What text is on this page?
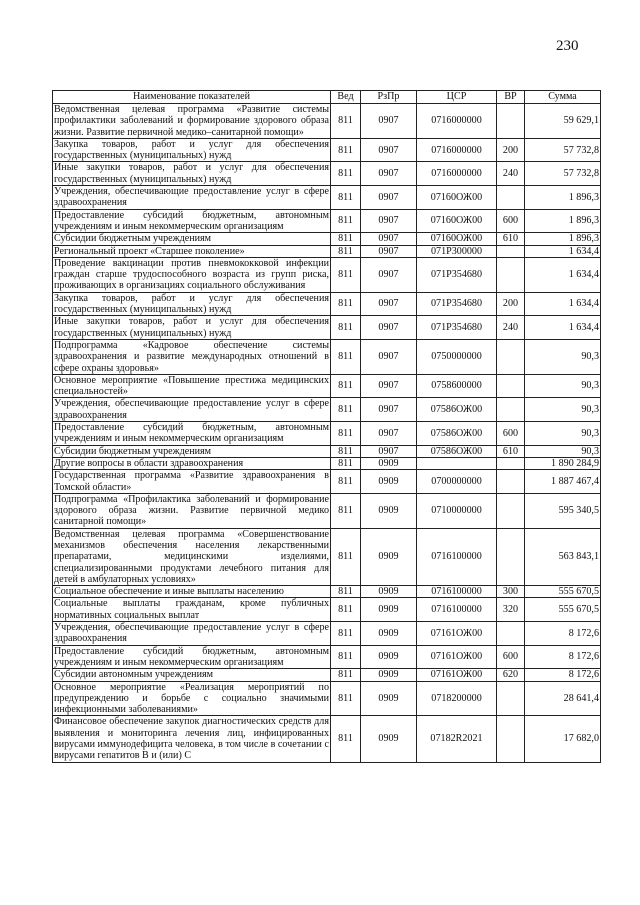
230
Наименование показателей	Вед	РзПр	ЦСР	ВР	Сумма
Ведомственная целевая программа «Развитие системы профилактики заболеваний и формирование здорового образа жизни. Развитие первичной медико–санитарной помощи»	811	0907	0716000000		59 629,1
Закупка товаров, работ и услуг для обеспечения государственных (муниципальных) нужд	811	0907	0716000000	200	57 732,8
Иные закупки товаров, работ и услуг для обеспечения государственных (муниципальных) нужд	811	0907	0716000000	240	57 732,8
Учреждения, обеспечивающие предоставление услуг в сфере здравоохранения	811	0907	07160ОЖ00		1 896,3
Предоставление субсидий бюджетным, автономным учреждениям и иным некоммерческим организациям	811	0907	07160ОЖ00	600	1 896,3
Субсидии бюджетным учреждениям	811	0907	07160ОЖ00	610	1 896,3
Региональный проект «Старшее поколение»	811	0907	071P300000		1 634,4
Проведение вакцинации против пневмококковой инфекции граждан старше трудоспособного возраста из групп риска, проживающих в организациях социального обслуживания	811	0907	071P354680		1 634,4
Закупка товаров, работ и услуг для обеспечения государственных (муниципальных) нужд	811	0907	071P354680	200	1 634,4
Иные закупки товаров, работ и услуг для обеспечения государственных (муниципальных) нужд	811	0907	071P354680	240	1 634,4
Подпрограмма «Кадровое обеспечение системы здравоохранения и развитие международных отношений в сфере охраны здоровья»	811	0907	0750000000		90,3
Основное мероприятие «Повышение престижа медицинских специальностей»	811	0907	0758600000		90,3
Учреждения, обеспечивающие предоставление услуг в сфере здравоохранения	811	0907	07586ОЖ00		90,3
Предоставление субсидий бюджетным, автономным учреждениям и иным некоммерческим организациям	811	0907	07586ОЖ00	600	90,3
Субсидии бюджетным учреждениям	811	0907	07586ОЖ00	610	90,3
Другие вопросы в области здравоохранения	811	0909			1 890 284,9
Государственная программа «Развитие здравоохранения в Томской области»	811	0909	0700000000		1 887 467,4
Подпрограмма «Профилактика заболеваний и формирование здорового образа жизни. Развитие первичной медико санитарной помощи»	811	0909	0710000000		595 340,5
Ведомственная целевая программа «Совершенствование механизмов обеспечения населения лекарственными препаратами, медицинскими изделиями, специализированными продуктами лечебного питания для детей в амбулаторных условиях»	811	0909	0716100000		563 843,1
Социальное обеспечение и иные выплаты населению	811	0909	0716100000	300	555 670,5
Социальные выплаты гражданам, кроме публичных нормативных социальных выплат	811	0909	0716100000	320	555 670,5
Учреждения, обеспечивающие предоставление услуг в сфере здравоохранения	811	0909	07161ОЖ00		8 172,6
Предоставление субсидий бюджетным, автономным учреждениям и иным некоммерческим организациям	811	0909	07161ОЖ00	600	8 172,6
Субсидии автономным учреждениям	811	0909	07161ОЖ00	620	8 172,6
Основное мероприятие «Реализация мероприятий по предупреждению и борьбе с социально значимыми инфекционными заболеваниями»	811	0909	0718200000		28 641,4
Финансовое обеспечение закупок диагностических средств для выявления и мониторинга лечения лиц, инфицированных вирусами иммунодефицита человека, в том числе в сочетании с вирусами гепатитов В и (или) С	811	0909	07182R2021		17 682,0
